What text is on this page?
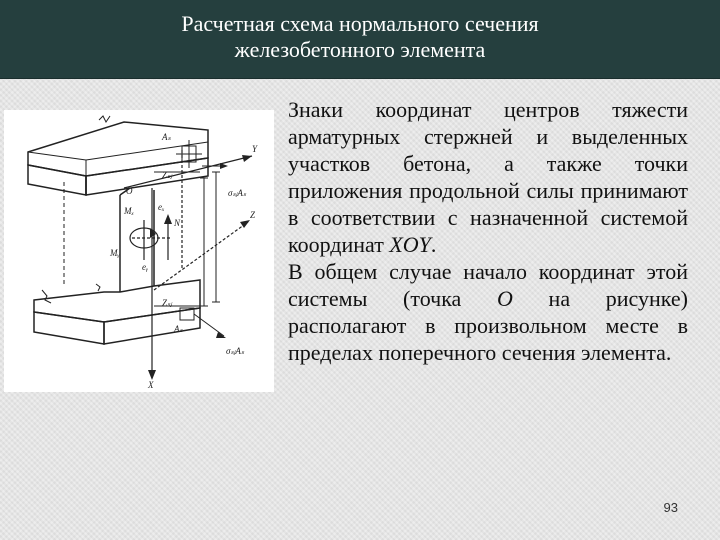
Расчетная схема нормального сечения
железобетонного элемента
Y
X
Z
N
O
Mₓ
Mᵧ
eₓ
eᵧ
Aₛ
Aₛ
Zₛⱼ
Zₛⱼ
σₛⱼAₛ
σₛⱼAₛ

Знаки координат центров тяжести арматурных стержней и выделенных участков бетона, а также точки приложения продольной силы принимают в соответствии с назначенной системой координат XOY.

В общем случае начало координат этой системы (точка O на рисунке) располагают в произвольном месте в пределах поперечного сечения элемента.

93
